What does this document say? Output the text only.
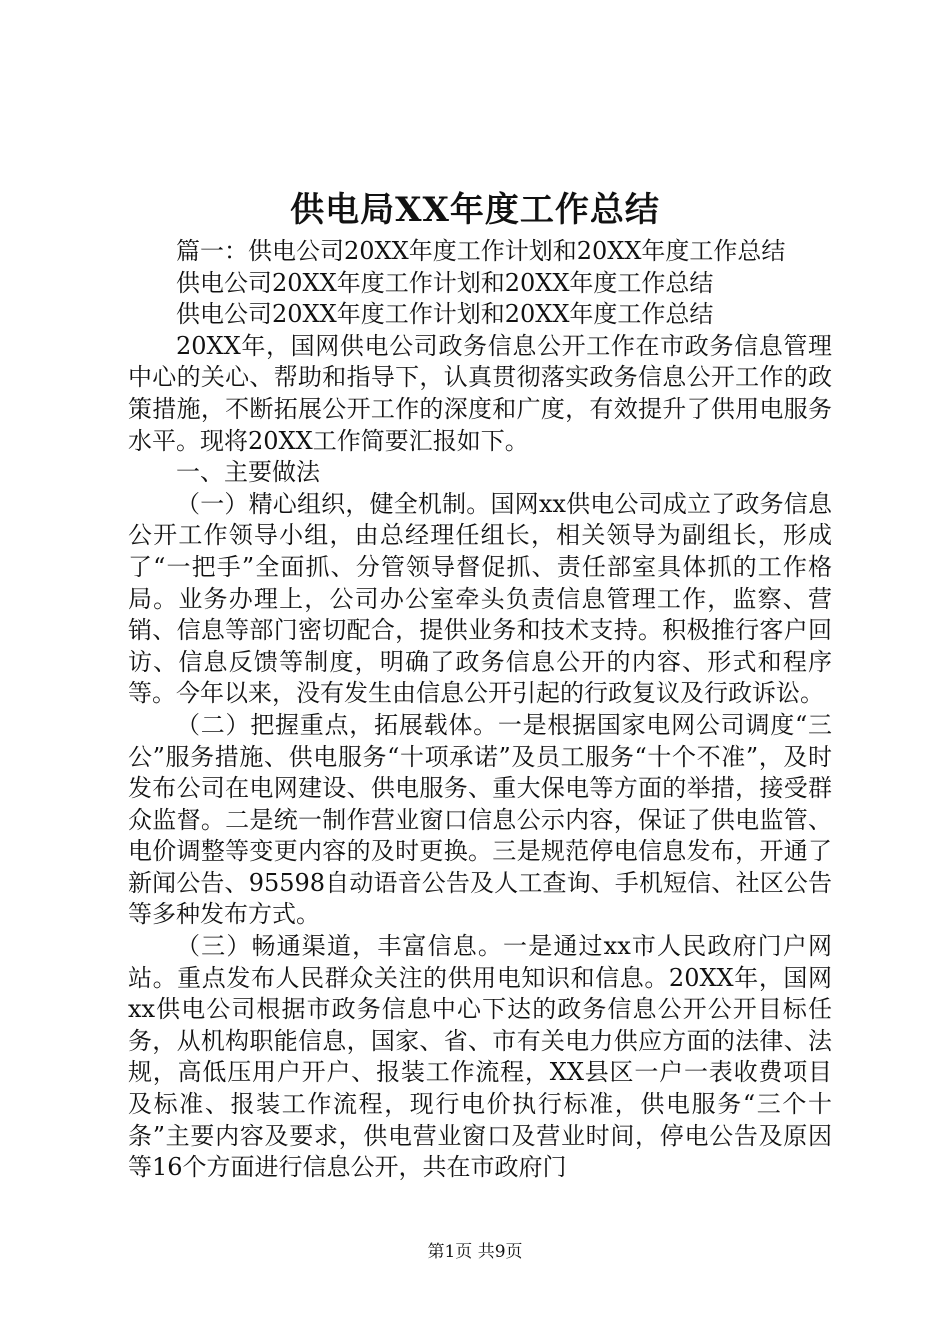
供电局XX年度工作总结

篇一：供电公司20XX年度工作计划和20XX年度工作总结

供电公司20XX年度工作计划和20XX年度工作总结

供电公司20XX年度工作计划和20XX年度工作总结

20XX年，国网供电公司政务信息公开工作在市政务信息管理中心的关心、帮助和指导下，认真贯彻落实政务信息公开工作的政策措施，不断拓展公开工作的深度和广度，有效提升了供用电服务水平。现将20XX工作简要汇报如下。

一、主要做法

（一）精心组织，健全机制。国网xx供电公司成立了政务信息公开工作领导小组，由总经理任组长，相关领导为副组长，形成了“一把手”全面抓、分管领导督促抓、责任部室具体抓的工作格局。业务办理上，公司办公室牵头负责信息管理工作，监察、营销、信息等部门密切配合，提供业务和技术支持。积极推行客户回访、信息反馈等制度，明确了政务信息公开的内容、形式和程序等。今年以来，没有发生由信息公开引起的行政复议及行政诉讼。

（二）把握重点，拓展载体。一是根据国家电网公司调度“三公”服务措施、供电服务“十项承诺”及员工服务“十个不准”，及时发布公司在电网建设、供电服务、重大保电等方面的举措，接受群众监督。二是统一制作营业窗口信息公示内容，保证了供电监管、电价调整等变更内容的及时更换。三是规范停电信息发布，开通了新闻公告、95598自动语音公告及人工查询、手机短信、社区公告等多种发布方式。

（三）畅通渠道，丰富信息。一是通过xx市人民政府门户网站。重点发布人民群众关注的供用电知识和信息。20XX年，国网xx供电公司根据市政务信息中心下达的政务信息公开公开目标任务，从机构职能信息，国家、省、市有关电力供应方面的法律、法规，高低压用户开户、报装工作流程，XX县区一户一表收费项目及标准、报装工作流程，现行电价执行标准，供电服务“三个十条”主要内容及要求，供电营业窗口及营业时间，停电公告及原因等16个方面进行信息公开，共在市政府门

第1页 共9页
